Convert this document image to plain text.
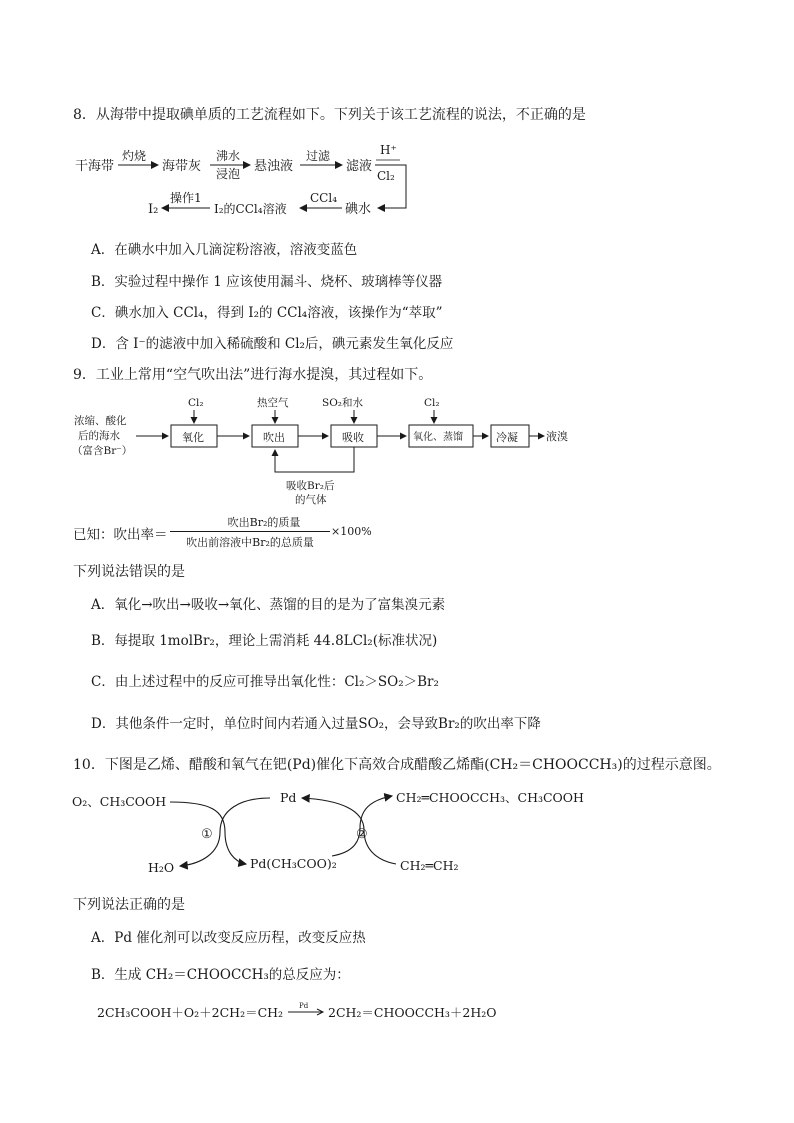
8．从海带中提取碘单质的工艺流程如下。下列关于该工艺流程的说法，不正确的是
干海带
灼烧
海带灰
沸水
浸泡 悬浊液
过滤
滤液
H⁺
Cl₂
碘水
CCl₄
I₂的CCl₄溶液
操作1
I₂
A．在碘水中加入几滴淀粉溶液，溶液变蓝色
B．实验过程中操作 1 应该使用漏斗、烧杯、玻璃棒等仪器
C．碘水加入 CCl₄，得到 I₂的 CCl₄溶液，该操作为“萃取”
D．含 I⁻的滤液中加入稀硫酸和 Cl₂后，碘元素发生氧化反应
9．工业上常用“空气吹出法”进行海水提溴，其过程如下。
浓缩、酸化
后的海水
（富含Br⁻）
氧化
Cl₂
吹出
热空气
吸收
SO₂和水
吸收Br₂后
的气体
氧化、蒸馏
Cl₂
冷凝	液溴
已知：吹出率＝
吹出Br₂的质量
吹出前溶液中Br₂的总质量
×100%
下列说法错误的是
A．氧化→吹出→吸收→氧化、蒸馏的目的是为了富集溴元素
B．每提取 1molBr₂，理论上需消耗 44.8LCl₂(标准状况)
C．由上述过程中的反应可推导出氧化性：Cl₂＞SO₂＞Br₂
D．其他条件一定时，单位时间内若通入过量SO₂，会导致Br₂的吹出率下降
10．下图是乙烯、醋酸和氧气在钯(Pd)催化下高效合成醋酸乙烯酯(CH₂＝CHOOCCH₃)的过程示意图。
O₂、CH₃COOH
H₂O
Pd
Pd(CH₃COO)₂
CH₂═CHOOCCH₃、CH₃COOH
CH₂═CH₂
①	②
下列说法正确的是
A．Pd 催化剂可以改变反应历程，改变反应热
B．生成 CH₂＝CHOOCCH₃的总反应为：
2CH₃COOH＋O₂＋2CH₂＝CH₂ Pd 2CH₂＝CHOOCCH₃＋2H₂O
